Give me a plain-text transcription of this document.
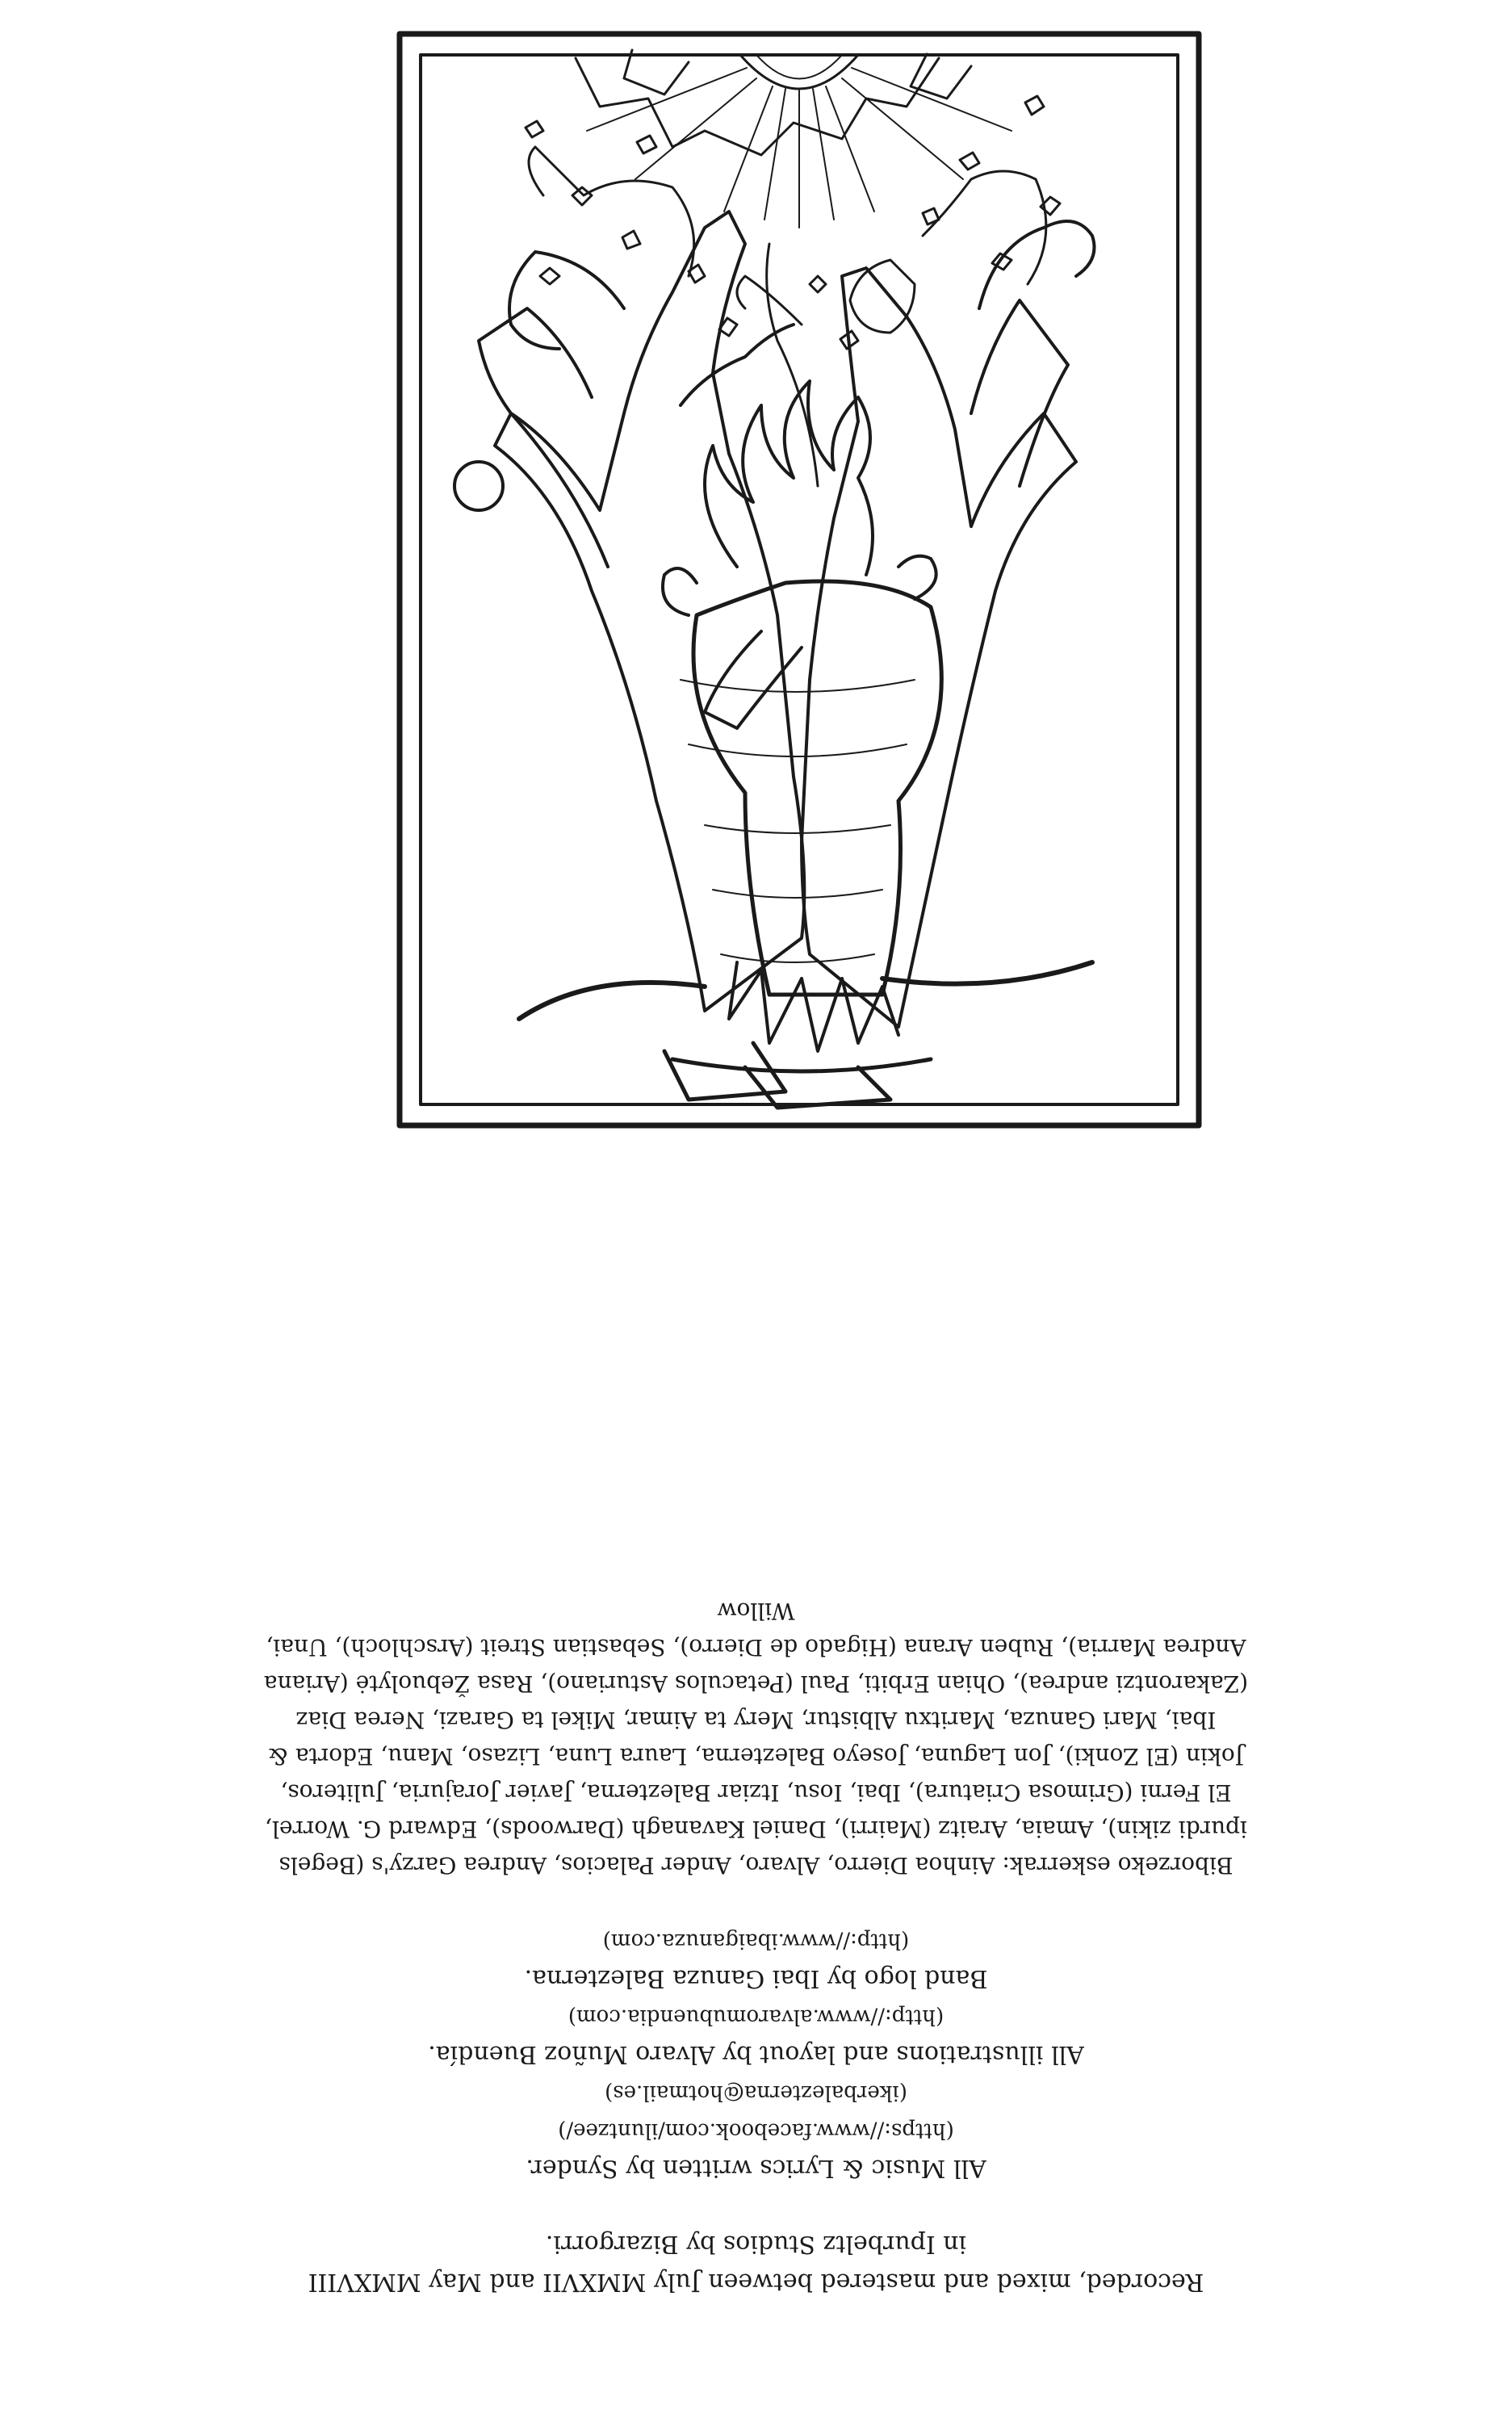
Recorded, mixed and mastered between July MMXVII and May MMXVIII

in Ipurbeltz Studios by Bizargorri.

All Music & Lyrics written by Synder.

(https://www.facebook.com/iluntzee/)

(ikerbalezterna@hotmail.es)

All illustrations and layout by Alvaro Muñoz Buendía.

(http://www.alvaromubuendia.com)

Band logo by Ibai Ganuza Balezterna.

(http://www.ibaiganuza.com)

Biborzeko eskerrak: Ainhoa Dierro, Alvaro, Ander Palacios, Andrea Garzy's (Begels ipurdi zikin), Amaia, Araitz (Mairri), Daniel Kavanagh (Darwoods), Edward G. Worrel, El Ferni (Grimosa Criatura), Ibai, Iosu, Itziar Balezterna, Javier Jorajuria, Juliteros, Jokin (El Zonki), Jon Laguna, Joseyo Balezterna, Laura Luna, Lizaso, Manu, Edorta & Ibai, Mari Ganuza, Maritxu Albistur, Mery ta Aimar, Mikel ta Garazi, Nerea Diaz (Zakarontzi andrea), Ohian Erbiti, Paul (Petaculos Asturiano), Rasa Žebuolytė (Ariana Andrea Marria), Ruben Arana (Higado de Dierro), Sebastian Streit (Arschloch), Unai, Willow
